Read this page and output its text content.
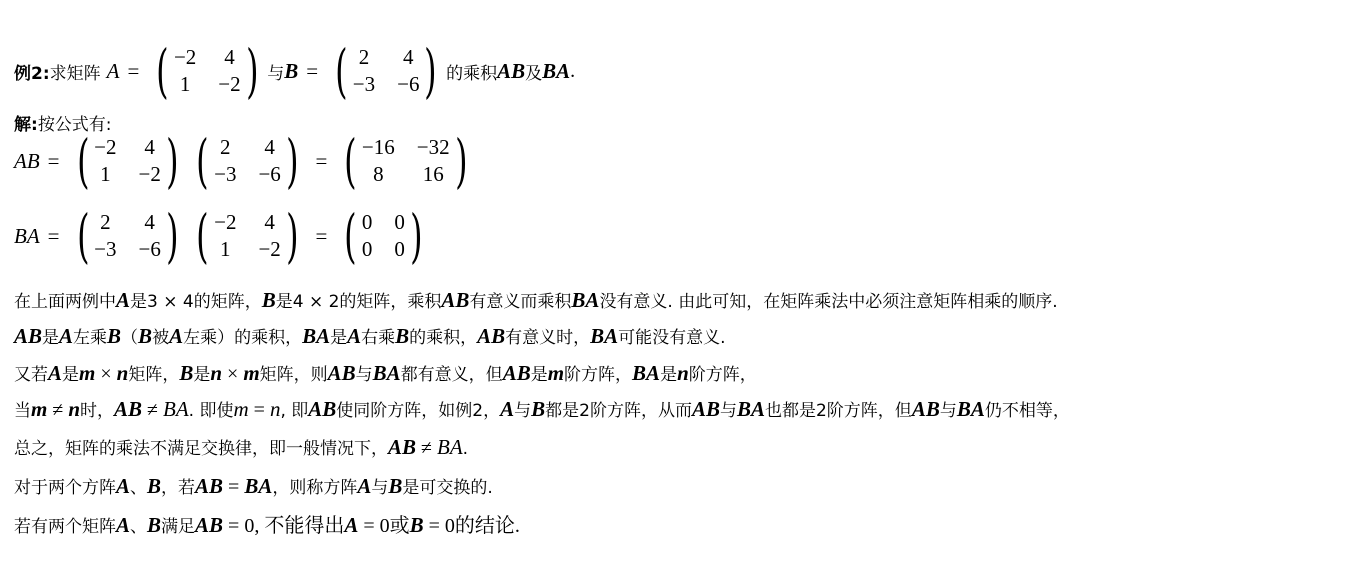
例2: 求矩阵 A = ( −2 4
1 −2 ) 与 B = ( 2 4
−3 −6 ) 的乘积 AB 及 BA .
解: 按公式有:
AB = ( −2 4
1 −2 ) ( 2 4
−3 −6 ) = ( −16 −32
8	16 )
BA = ( 2 4
−3 −6 ) ( −2 4
1 −2 ) = ( 0 0
0 0 )
在上面两例中A是3 × 4的矩阵，B是4 × 2的矩阵，乘积AB有意义而乘积BA没有意义. 由此可知，在矩阵乘法中必须注意矩阵相乘的顺序.
AB是A左乘B（B被A左乘）的乘积，BA是A右乘B的乘积，AB有意义时，BA可能没有意义.
又若A是m × n矩阵，B是n × m矩阵，则AB与BA都有意义，但AB是m阶方阵，BA是n阶方阵，
当m ≠ n时，AB ≠ BA. 即使m = n, 即AB使同阶方阵，如例2，A与B都是2阶方阵，从而AB与BA也都是2阶方阵，但AB与BA仍不相等，
总之，矩阵的乘法不满足交换律，即一般情况下，AB ≠ BA.
对于两个方阵A、B，若AB = BA，则称方阵A与B是可交换的.
若有两个矩阵A、B满足AB = 0, 不能得出A = 0或B = 0的结论.
